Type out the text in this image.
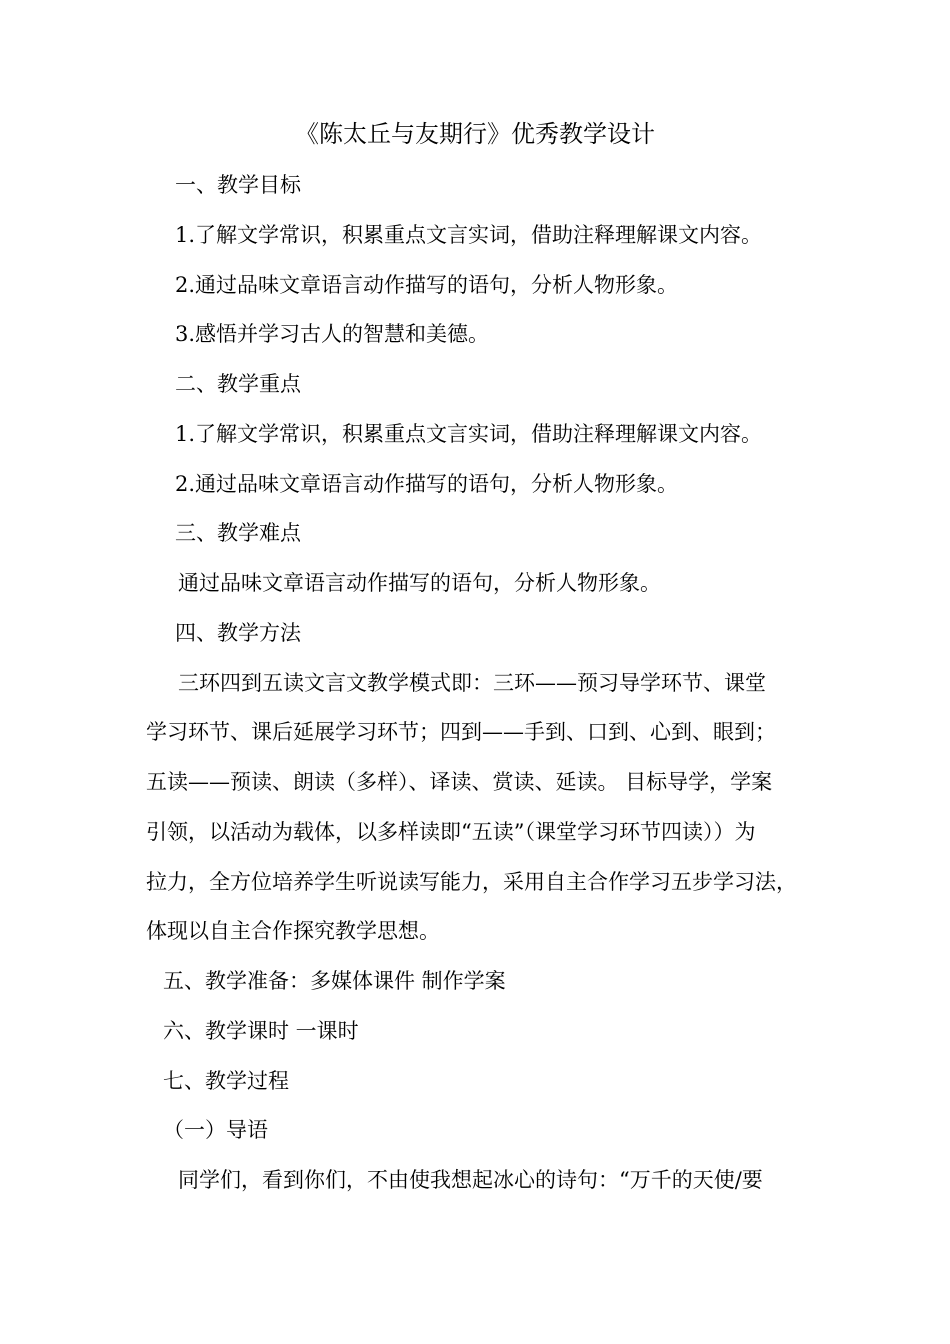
《陈太丘与友期行》优秀教学设计
一、教学目标
1.了解文学常识，积累重点文言实词，借助注释理解课文内容。
2.通过品味文章语言动作描写的语句，分析人物形象。
3.感悟并学习古人的智慧和美德。
二、教学重点
1.了解文学常识，积累重点文言实词，借助注释理解课文内容。
2.通过品味文章语言动作描写的语句，分析人物形象。
三、教学难点
通过品味文章语言动作描写的语句，分析人物形象。
四、教学方法
三环四到五读文言文教学模式即：三环——预习导学环节、课堂
学习环节、课后延展学习环节；四到——手到、口到、心到、眼到；
五读——预读、朗读（多样）、译读、赏读、延读。 目标导学，学案
引领，以活动为载体，以多样读即“五读”（课堂学习环节四读））为
拉力，全方位培养学生听说读写能力，采用自主合作学习五步学习法，
体现以自主合作探究教学思想。
五、教学准备：多媒体课件 制作学案
六、教学课时 一课时
七、教学过程
（一）导语
同学们，看到你们，不由使我想起冰心的诗句：“万千的天使/要
